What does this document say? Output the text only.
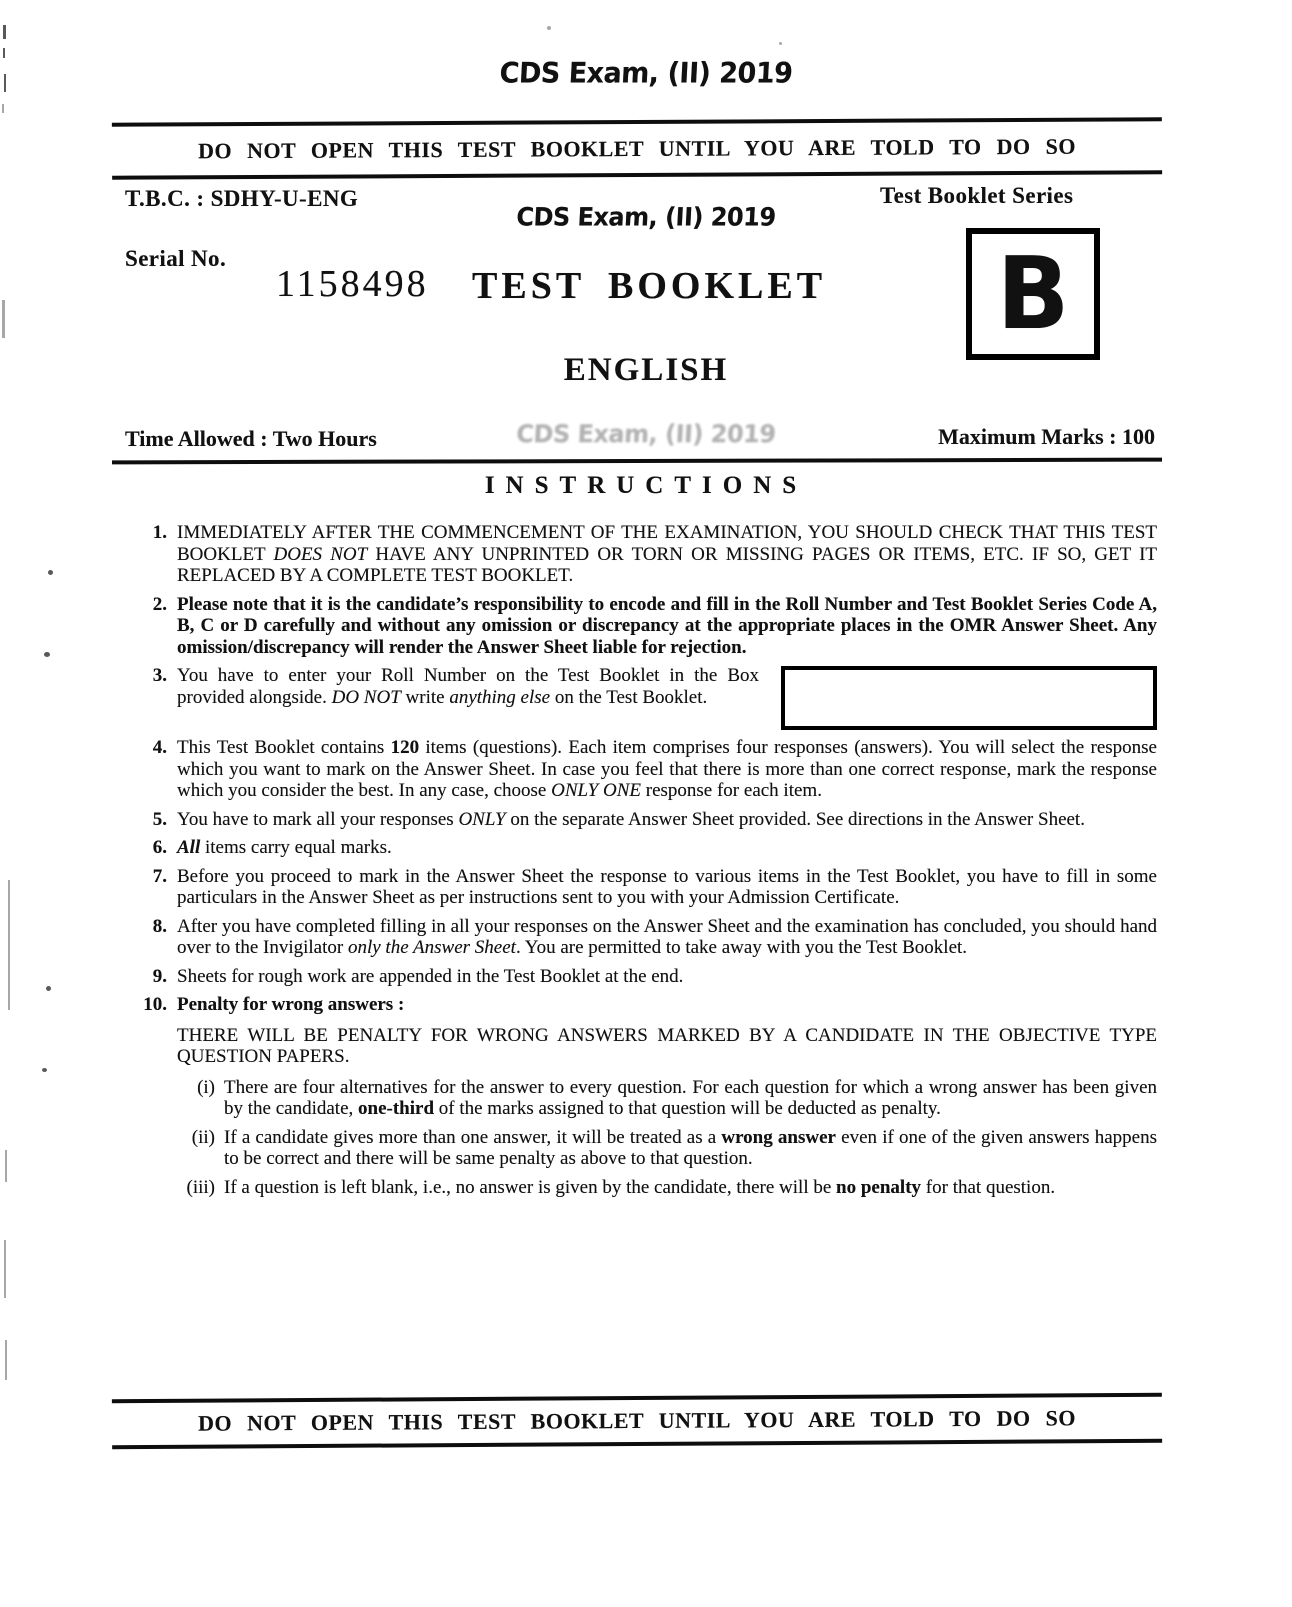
CDS Exam, (II) 2019
DO NOT OPEN THIS TEST BOOKLET UNTIL YOU ARE TOLD TO DO SO
T.B.C. : SDHY-U-ENG
CDS Exam, (II) 2019
Test Booklet Series
Serial No.
1158498 TEST BOOKLET B
ENGLISH
Time Allowed : Two Hours	CDS Exam, (II) 2019	Maximum Marks : 100
INSTRUCTIONS
1. IMMEDIATELY AFTER THE COMMENCEMENT OF THE EXAMINATION, YOU SHOULD CHECK THAT THIS TEST BOOKLET DOES NOT HAVE ANY UNPRINTED OR TORN OR MISSING PAGES OR ITEMS, ETC. IF SO, GET IT REPLACED BY A COMPLETE TEST BOOKLET.
2. Please note that it is the candidate’s responsibility to encode and fill in the Roll Number and Test Booklet Series Code A, B, C or D carefully and without any omission or discrepancy at the appropriate places in the OMR Answer Sheet. Any omission/discrepancy will render the Answer Sheet liable for rejection.
3. You have to enter your Roll Number on the Test Booklet in the Box provided alongside. DO NOT write anything else on the Test Booklet.
4. This Test Booklet contains 120 items (questions). Each item comprises four responses (answers). You will select the response which you want to mark on the Answer Sheet. In case you feel that there is more than one correct response, mark the response which you consider the best. In any case, choose ONLY ONE response for each item.
5. You have to mark all your responses ONLY on the separate Answer Sheet provided. See directions in the Answer Sheet.
6. All items carry equal marks.
7. Before you proceed to mark in the Answer Sheet the response to various items in the Test Booklet, you have to fill in some particulars in the Answer Sheet as per instructions sent to you with your Admission Certificate.
8. After you have completed filling in all your responses on the Answer Sheet and the examination has concluded, you should hand over to the Invigilator only the Answer Sheet. You are permitted to take away with you the Test Booklet.
9. Sheets for rough work are appended in the Test Booklet at the end.
10. Penalty for wrong answers :
THERE WILL BE PENALTY FOR WRONG ANSWERS MARKED BY A CANDIDATE IN THE OBJECTIVE TYPE QUESTION PAPERS.
(i) There are four alternatives for the answer to every question. For each question for which a wrong answer has been given by the candidate, one-third of the marks assigned to that question will be deducted as penalty.
(ii) If a candidate gives more than one answer, it will be treated as a wrong answer even if one of the given answers happens to be correct and there will be same penalty as above to that question.
(iii) If a question is left blank, i.e., no answer is given by the candidate, there will be no penalty for that question.
DO NOT OPEN THIS TEST BOOKLET UNTIL YOU ARE TOLD TO DO SO
